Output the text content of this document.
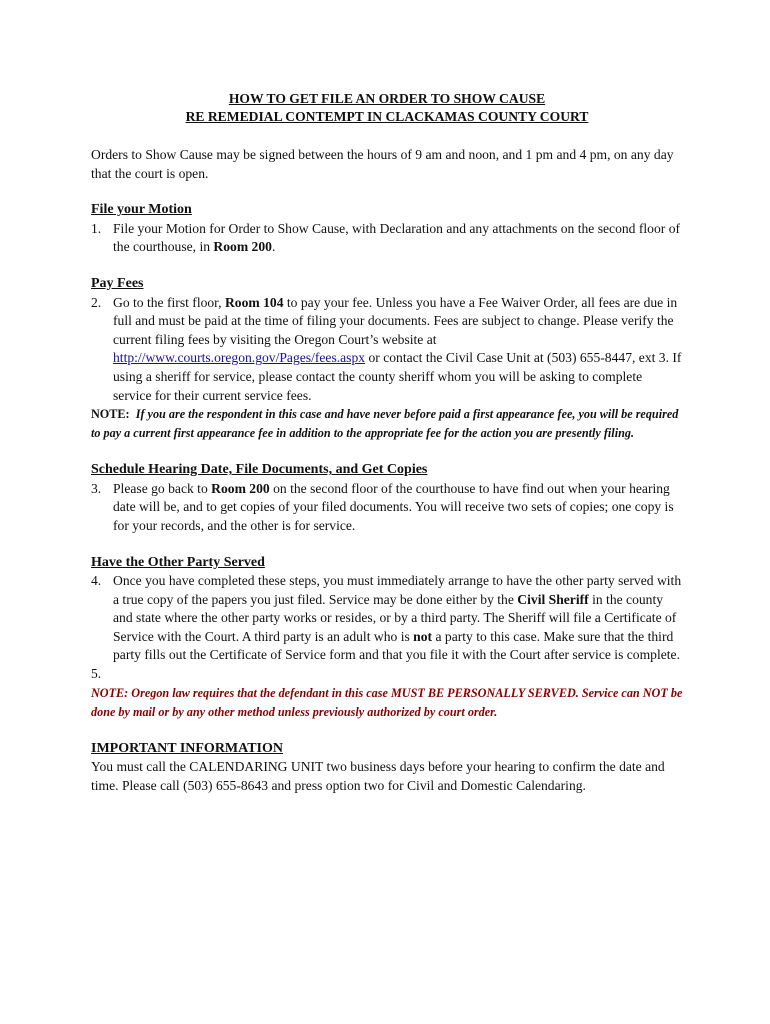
HOW TO GET FILE AN ORDER TO SHOW CAUSE

RE REMEDIAL CONTEMPT IN CLACKAMAS COUNTY COURT

Orders to Show Cause may be signed between the hours of 9 am and noon, and 1 pm and 4 pm, on any day that the court is open.

File your Motion

1. File your Motion for Order to Show Cause, with Declaration and any attachments on the second floor of the courthouse, in Room 200.

Pay Fees

2. Go to the first floor, Room 104 to pay your fee. Unless you have a Fee Waiver Order, all fees are due in full and must be paid at the time of filing your documents. Fees are subject to change. Please verify the current filing fees by visiting the Oregon Court’s website at http://www.courts.oregon.gov/Pages/fees.aspx or contact the Civil Case Unit at (503) 655-8447, ext 3. If using a sheriff for service, please contact the county sheriff whom you will be asking to complete service for their current service fees.

NOTE: If you are the respondent in this case and have never before paid a first appearance fee, you will be required to pay a current first appearance fee in addition to the appropriate fee for the action you are presently filing.

Schedule Hearing Date, File Documents, and Get Copies

3. Please go back to Room 200 on the second floor of the courthouse to have find out when your hearing date will be, and to get copies of your filed documents. You will receive two sets of copies; one copy is for your records, and the other is for service.

Have the Other Party Served

4. Once you have completed these steps, you must immediately arrange to have the other party served with a true copy of the papers you just filed. Service may be done either by the Civil Sheriff in the county and state where the other party works or resides, or by a third party. The Sheriff will file a Certificate of Service with the Court. A third party is an adult who is not a party to this case. Make sure that the third party fills out the Certificate of Service form and that you file it with the Court after service is complete.
5.

NOTE: Oregon law requires that the defendant in this case MUST BE PERSONALLY SERVED. Service can NOT be done by mail or by any other method unless previously authorized by court order.

IMPORTANT INFORMATION

You must call the CALENDARING UNIT two business days before your hearing to confirm the date and time. Please call (503) 655-8643 and press option two for Civil and Domestic Calendaring.
